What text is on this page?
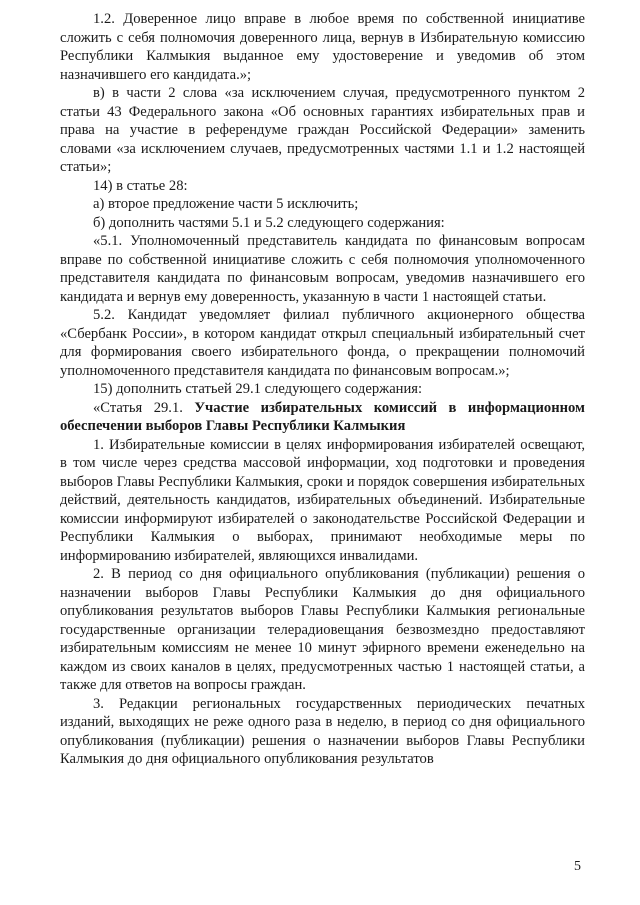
1.2. Доверенное лицо вправе в любое время по собственной инициативе сложить с себя полномочия доверенного лица, вернув в Избирательную комиссию Республики Калмыкия выданное ему удостоверение и уведомив об этом назначившего его кандидата.»;

в) в части 2 слова «за исключением случая, предусмотренного пунктом 2 статьи 43 Федерального закона «Об основных гарантиях избирательных прав и права на участие в референдуме граждан Российской Федерации» заменить словами «за исключением случаев, предусмотренных частями 1.1 и 1.2 настоящей статьи»;

14) в статье 28:

а) второе предложение части 5 исключить;

б) дополнить частями 5.1 и 5.2 следующего содержания:

«5.1. Уполномоченный представитель кандидата по финансовым вопросам вправе по собственной инициативе сложить с себя полномочия уполномоченного представителя кандидата по финансовым вопросам, уведомив назначившего его кандидата и вернув ему доверенность, указанную в части 1 настоящей статьи.

5.2. Кандидат уведомляет филиал публичного акционерного общества «Сбербанк России», в котором кандидат открыл специальный избирательный счет для формирования своего избирательного фонда, о прекращении полномочий уполномоченного представителя кандидата по финансовым вопросам.»;

15) дополнить статьей 29.1 следующего содержания:

«Статья 29.1. Участие избирательных комиссий в информационном обеспечении выборов Главы Республики Калмыкия

1. Избирательные комиссии в целях информирования избирателей освещают, в том числе через средства массовой информации, ход подготовки и проведения выборов Главы Республики Калмыкия, сроки и порядок совершения избирательных действий, деятельность кандидатов, избирательных объединений. Избирательные комиссии информируют избирателей о законодательстве Российской Федерации и Республики Калмыкия о выборах, принимают необходимые меры по информированию избирателей, являющихся инвалидами.

2. В период со дня официального опубликования (публикации) решения о назначении выборов Главы Республики Калмыкия до дня официального опубликования результатов выборов Главы Республики Калмыкия региональные государственные организации телерадиовещания безвозмездно предоставляют избирательным комиссиям не менее 10 минут эфирного времени еженедельно на каждом из своих каналов в целях, предусмотренных частью 1 настоящей статьи, а также для ответов на вопросы граждан.

3. Редакции региональных государственных периодических печатных изданий, выходящих не реже одного раза в неделю, в период со дня официального опубликования (публикации) решения о назначении выборов Главы Республики Калмыкия до дня официального опубликования результатов

5
